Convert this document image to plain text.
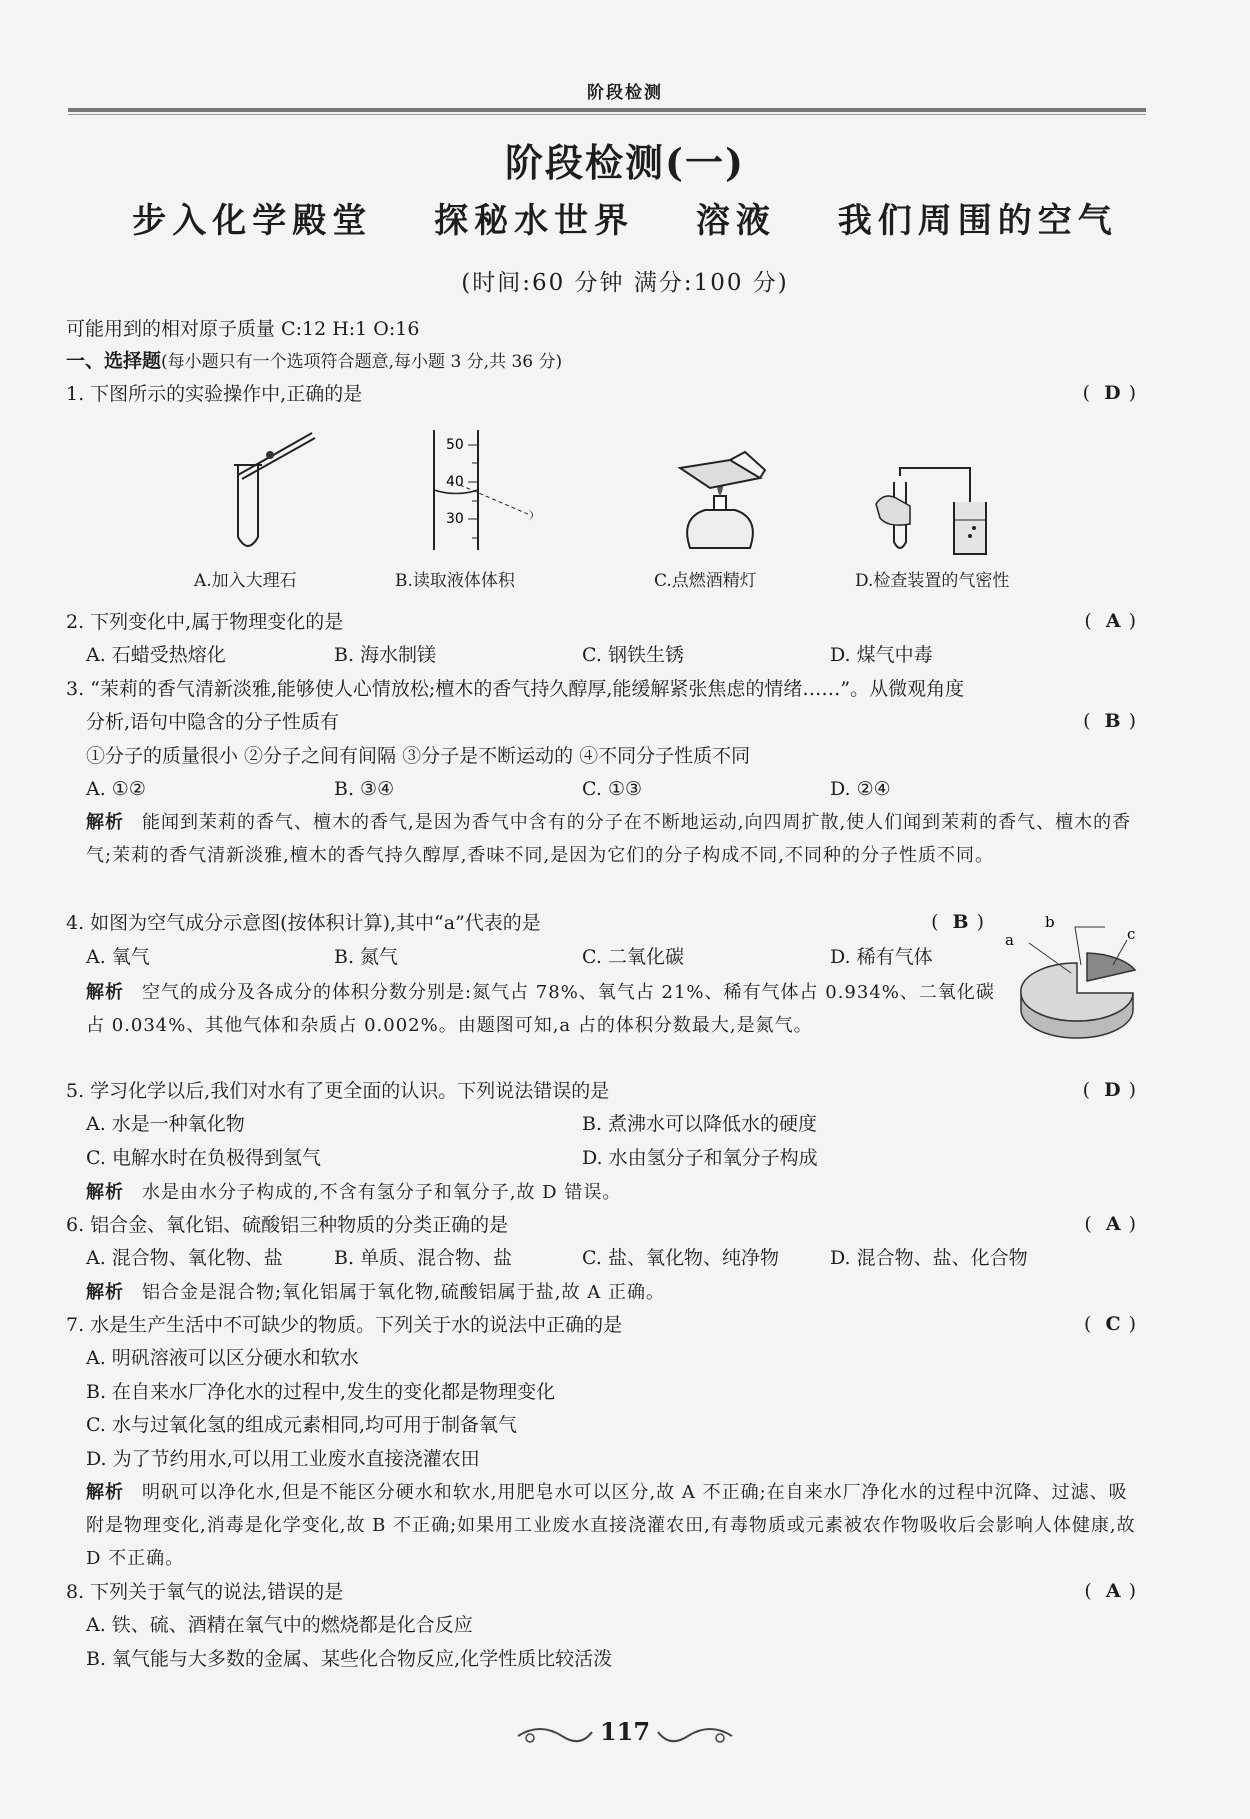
阶段检测
阶段检测(一)
步入化学殿堂 探秘水世界 溶液 我们周围的空气
(时间:60 分钟 满分:100 分)
可能用到的相对原子质量 C:12 H:1 O:16
一、选择题(每小题只有一个选项符合题意,每小题 3 分,共 36 分)
1. 下图所示的实验操作中,正确的是	( D )
50
40
30
A.加入大理石	B.读取液体体积	C.点燃酒精灯	D.检查装置的气密性
2. 下列变化中,属于物理变化的是	( A )
A. 石蜡受热熔化	B. 海水制镁	C. 钢铁生锈	D. 煤气中毒
3. “茉莉的香气清新淡雅,能够使人心情放松;檀木的香气持久醇厚,能缓解紧张焦虑的情绪……”。从微观角度
分析,语句中隐含的分子性质有	( B )
①分子的质量很小 ②分子之间有间隔 ③分子是不断运动的 ④不同分子性质不同
A. ①②	B. ③④	C. ①③	D. ②④
解析 能闻到茉莉的香气、檀木的香气,是因为香气中含有的分子在不断地运动,向四周扩散,使人们闻到茉莉的香气、檀木的香气;茉莉的香气清新淡雅,檀木的香气持久醇厚,香味不同,是因为它们的分子构成不同,不同种的分子性质不同。
4. 如图为空气成分示意图(按体积计算),其中“a”代表的是	( B )
A. 氧气	B. 氮气	C. 二氧化碳	D. 稀有气体
解析 空气的成分及各成分的体积分数分别是:氮气占 78%、氧气占 21%、稀有气体占 0.934%、二氧化碳占 0.034%、其他气体和杂质占 0.002%。由题图可知,a 占的体积分数最大,是氮气。
a
b
c
5. 学习化学以后,我们对水有了更全面的认识。下列说法错误的是	( D )
A. 水是一种氧化物	B. 煮沸水可以降低水的硬度
C. 电解水时在负极得到氢气	D. 水由氢分子和氧分子构成
解析 水是由水分子构成的,不含有氢分子和氧分子,故 D 错误。
6. 铝合金、氧化铝、硫酸铝三种物质的分类正确的是	( A )
A. 混合物、氧化物、盐	B. 单质、混合物、盐	C. 盐、氧化物、纯净物	D. 混合物、盐、化合物
解析 铝合金是混合物;氧化铝属于氧化物,硫酸铝属于盐,故 A 正确。
7. 水是生产生活中不可缺少的物质。下列关于水的说法中正确的是	( C )
A. 明矾溶液可以区分硬水和软水
B. 在自来水厂净化水的过程中,发生的变化都是物理变化
C. 水与过氧化氢的组成元素相同,均可用于制备氧气
D. 为了节约用水,可以用工业废水直接浇灌农田
解析 明矾可以净化水,但是不能区分硬水和软水,用肥皂水可以区分,故 A 不正确;在自来水厂净化水的过程中沉降、过滤、吸附是物理变化,消毒是化学变化,故 B 不正确;如果用工业废水直接浇灌农田,有毒物质或元素被农作物吸收后会影响人体健康,故 D 不正确。
8. 下列关于氧气的说法,错误的是	( A )
A. 铁、硫、酒精在氧气中的燃烧都是化合反应
B. 氧气能与大多数的金属、某些化合物反应,化学性质比较活泼
117
